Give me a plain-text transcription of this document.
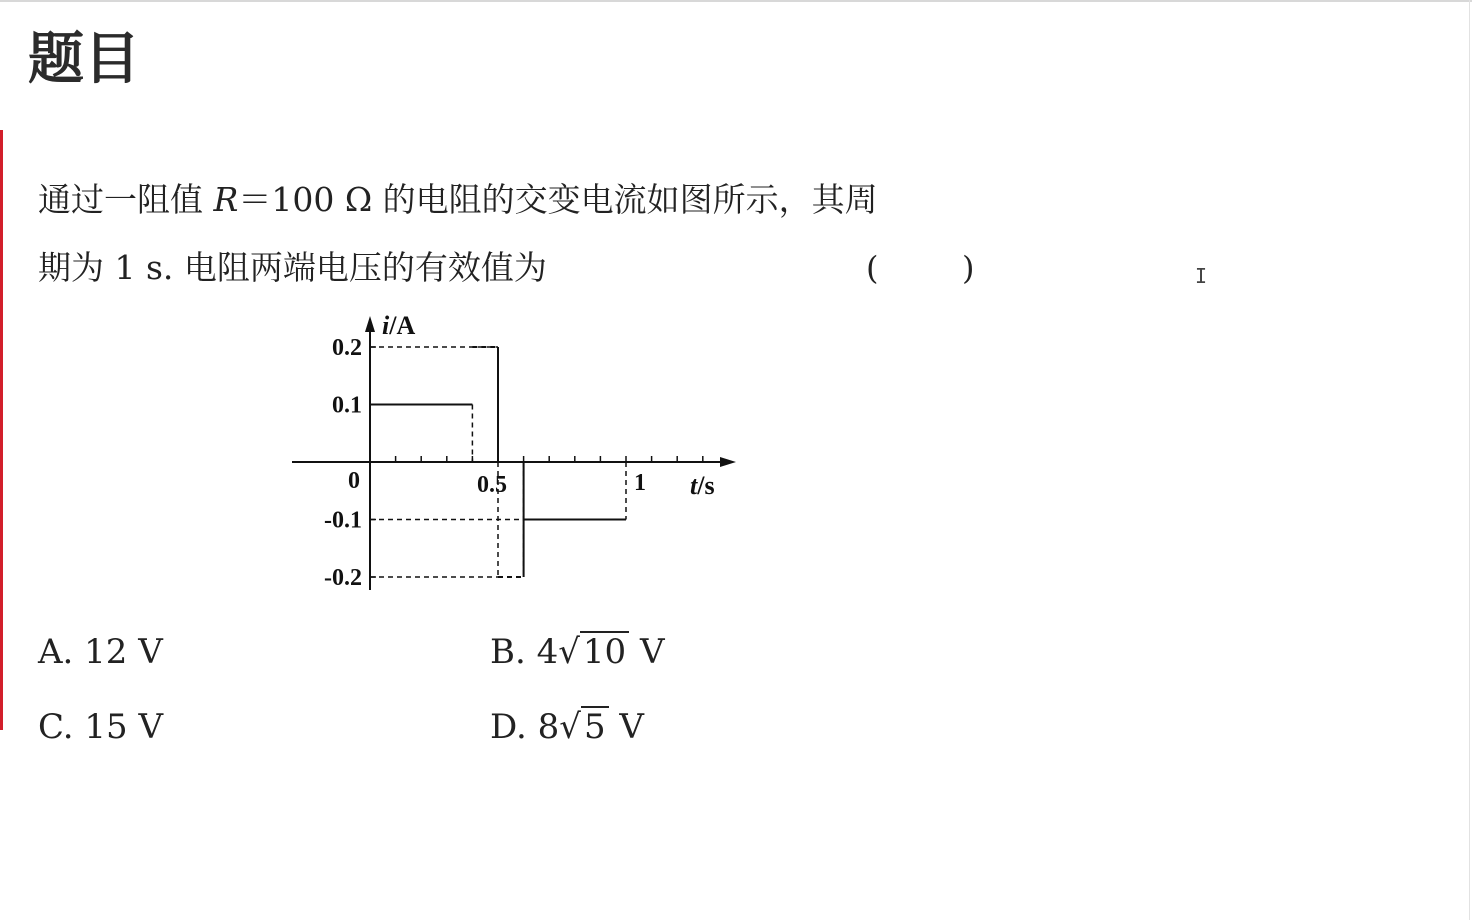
题目
通过一阻值 R＝100 Ω 的电阻的交变电流如图所示，其周
期为 1 s. 电阻两端电压的有效值为	(	)	I
0.2
0.1
-0.1
-0.2
0	0.5	1 t/s
i/A
A. 12 V	B. 4√10 V
C. 15 V	D. 8√5 V
